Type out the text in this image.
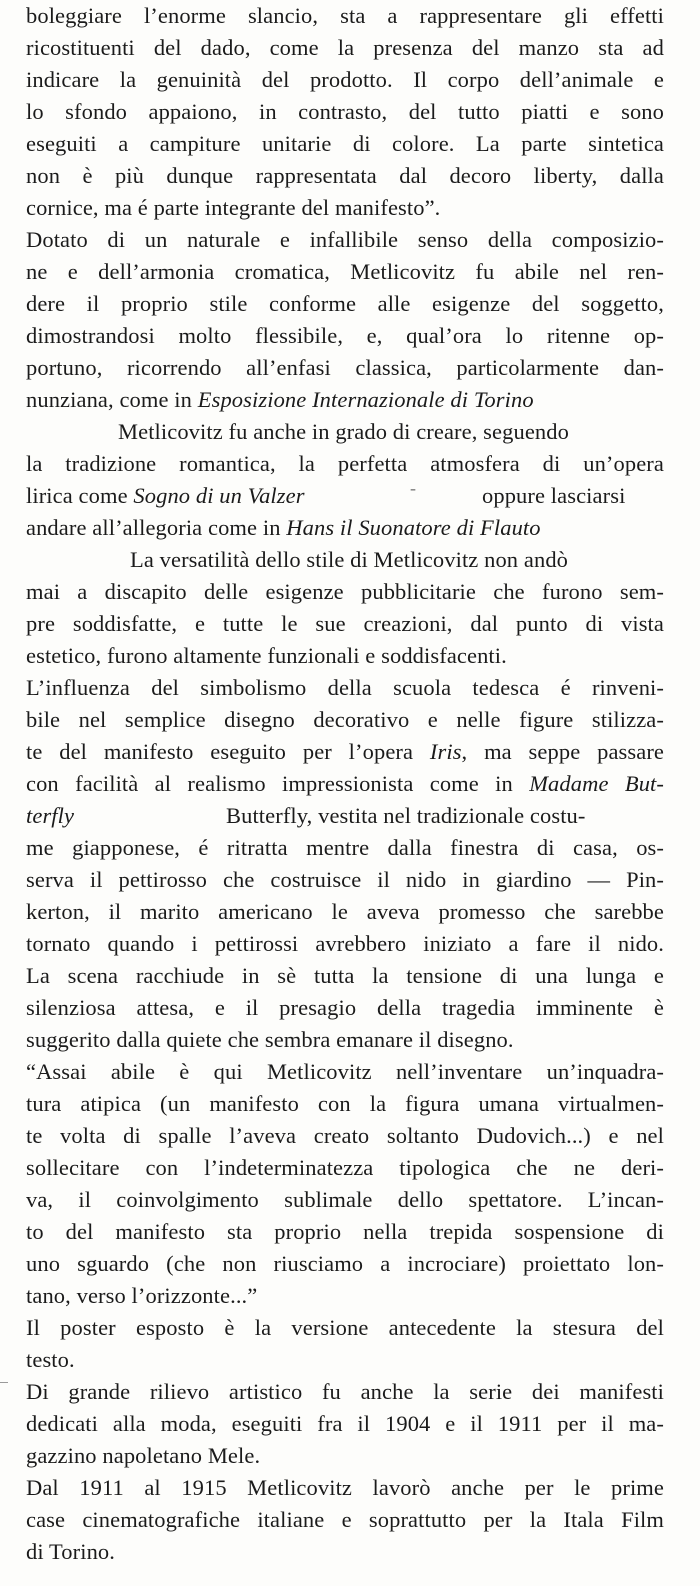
boleggiare l’enorme slancio, sta a rappresentare gli effetti
ricostituenti del dado, come la presenza del manzo sta ad
indicare la genuinità del prodotto. Il corpo dell’animale e
lo sfondo appaiono, in contrasto, del tutto piatti e sono
eseguiti a campiture unitarie di colore. La parte sintetica
non è più dunque rappresentata dal decoro liberty, dalla
cornice, ma é parte integrante del manifesto”.
Dotato di un naturale e infallibile senso della composizio-
ne e dell’armonia cromatica, Metlicovitz fu abile nel ren-
dere il proprio stile conforme alle esigenze del soggetto,
dimostrandosi molto flessibile, e, qual’ora lo ritenne op-
portuno, ricorrendo all’enfasi classica, particolarmente dan-
nunziana, come in Esposizione Internazionale di Torino
Metlicovitz fu anche in grado di creare, seguendo
la tradizione romantica, la perfetta atmosfera di un’opera
lirica come Sogno di un Valzer	-	oppure lasciarsi
andare all’allegoria come in Hans il Suonatore di Flauto
La versatilità dello stile di Metlicovitz non andò
mai a discapito delle esigenze pubblicitarie che furono sem-
pre soddisfatte, e tutte le sue creazioni, dal punto di vista
estetico, furono altamente funzionali e soddisfacenti.
L’influenza del simbolismo della scuola tedesca é rinveni-
bile nel semplice disegno decorativo e nelle figure stilizza-
te del manifesto eseguito per l’opera Iris, ma seppe passare
con facilità al realismo impressionista come in Madame But-
terfly	Butterfly, vestita nel tradizionale costu-
me giapponese, é ritratta mentre dalla finestra di casa, os-
serva il pettirosso che costruisce il nido in giardino — Pin-
kerton, il marito americano le aveva promesso che sarebbe
tornato quando i pettirossi avrebbero iniziato a fare il nido.
La scena racchiude in sè tutta la tensione di una lunga e
silenziosa attesa, e il presagio della tragedia imminente è
suggerito dalla quiete che sembra emanare il disegno.
“Assai abile è qui Metlicovitz nell’inventare un’inquadra-
tura atipica (un manifesto con la figura umana virtualmen-
te volta di spalle l’aveva creato soltanto Dudovich...) e nel
sollecitare con l’indeterminatezza tipologica che ne deri-
va, il coinvolgimento sublimale dello spettatore. L’incan-
to del manifesto sta proprio nella trepida sospensione di
uno sguardo (che non riusciamo a incrociare) proiettato lon-
tano, verso l’orizzonte...”
Il poster esposto è la versione antecedente la stesura del
testo.
Di grande rilievo artistico fu anche la serie dei manifesti
dedicati alla moda, eseguiti fra il 1904 e il 1911 per il ma-
gazzino napoletano Mele.
Dal 1911 al 1915 Metlicovitz lavorò anche per le prime
case cinematografiche italiane e soprattutto per la Itala Film
di Torino.
